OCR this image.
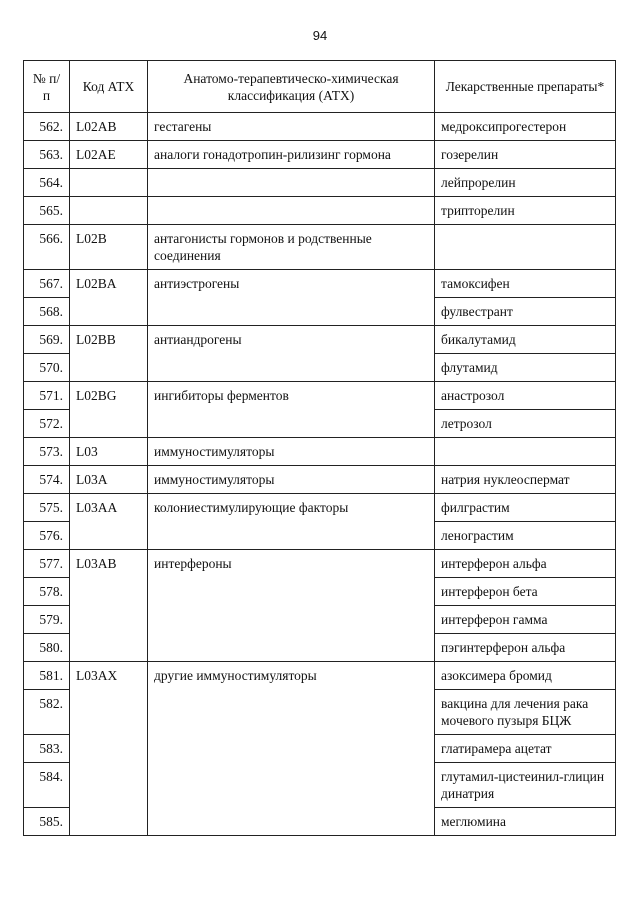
94
№ п/п	Код АТХ	Анатомо-терапевтическо-химическая классификация (АТХ)	Лекарственные препараты*
562.	L02AB	гестагены	медроксипрогестерон
563.	L02AE	аналоги гонадотропин-рилизинг гормона	гозерелин
564.			лейпрорелин
565.			трипторелин
566.	L02B	антагонисты гормонов и родственные соединения	
567.	L02BA	антиэстрогены	тамоксифен
568.			фулвестрант
569.	L02BB	антиандрогены	бикалутамид
570.			флутамид
571.	L02BG	ингибиторы ферментов	анастрозол
572.			летрозол
573.	L03	иммуностимуляторы	
574.	L03A	иммуностимуляторы	натрия нуклеоспермат
575.	L03AA	колониестимулирующие факторы	филграстим
576.			ленограстим
577.	L03AB	интерфероны	интерферон альфа
578.			интерферон бета
579.			интерферон гамма
580.			пэгинтерферон альфа
581.	L03AX	другие иммуностимуляторы	азоксимера бромид
582.			вакцина для лечения рака мочевого пузыря БЦЖ
583.			глатирамера ацетат
584.			глутамил-цистеинил-глицин динатрия
585.			меглюмина
